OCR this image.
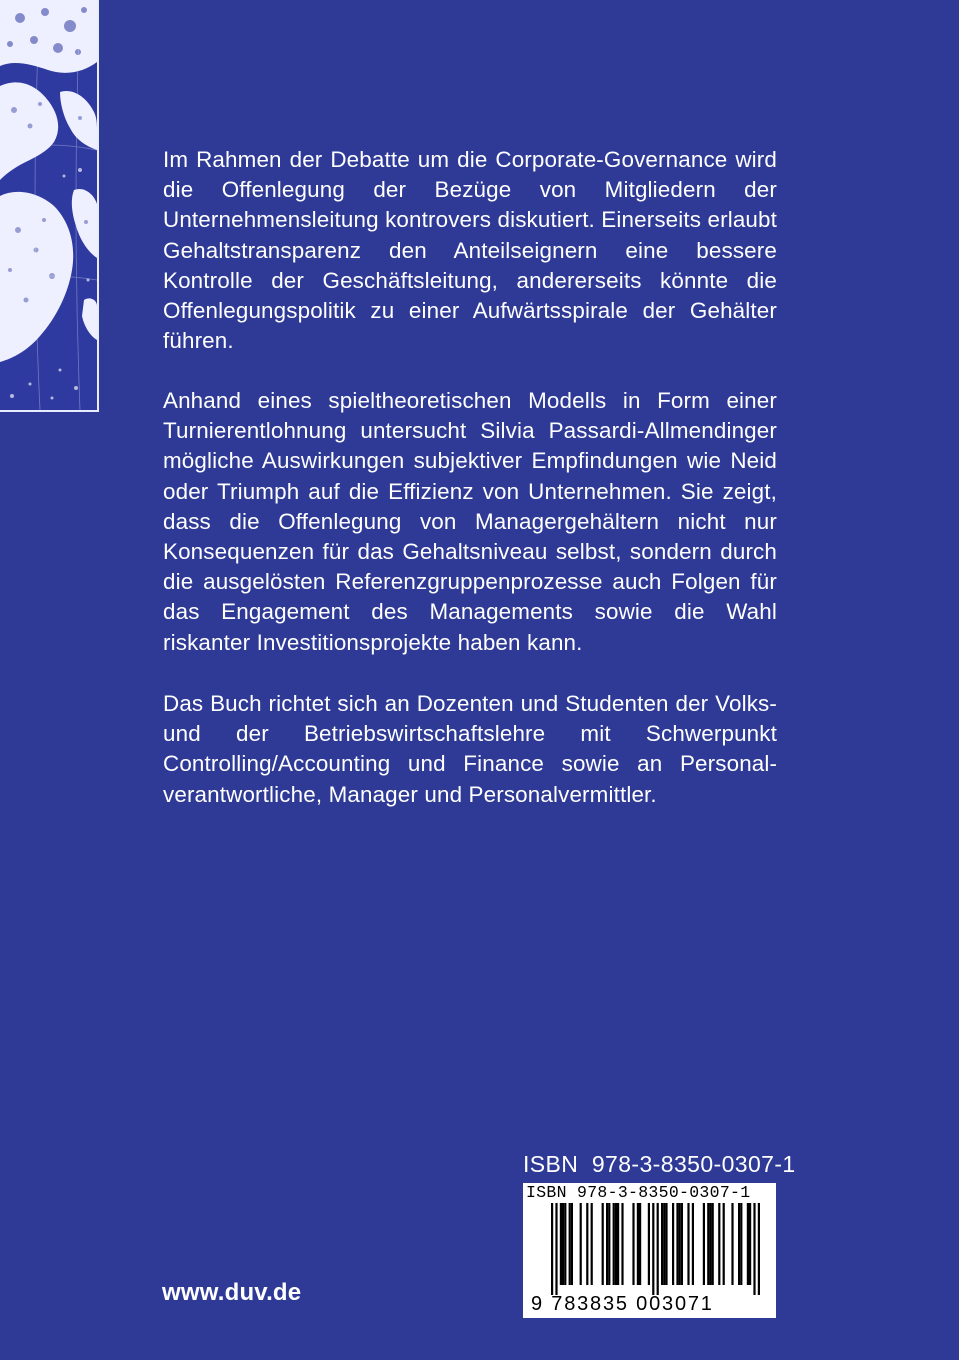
Im Rahmen der Debatte um die Corporate-Governance wird die Offenlegung der Bezüge von Mitgliedern der Unternehmensleitung kontrovers diskutiert. Einerseits erlaubt Gehaltstransparenz den Anteilseignern eine bessere Kontrolle der Geschäftsleitung, andererseits könnte die Offenlegungspolitik zu einer Aufwärtsspirale der Gehälter führen.

Anhand eines spieltheoretischen Modells in Form einer Turnierentlohnung untersucht Silvia Passardi-Allmendinger mögliche Auswirkungen subjektiver Empfindungen wie Neid oder Triumph auf die Effizienz von Unternehmen. Sie zeigt, dass die Offenlegung von Managergehältern nicht nur Konsequenzen für das Gehaltsniveau selbst, sondern durch die ausgelösten Referenzgruppenprozesse auch Folgen für das Engagement des Managements sowie die Wahl riskanter Investitionsprojekte haben kann.

Das Buch richtet sich an Dozenten und Studenten der Volks- und der Betriebswirtschaftslehre mit Schwerpunkt Controlling/Accounting und Finance sowie an Personalverantwortliche, Manager und Personalvermittler.

www.duv.de
ISBN  978-3-8350-0307-1
ISBN 978-3-8350-0307-1
9 783835 003071
